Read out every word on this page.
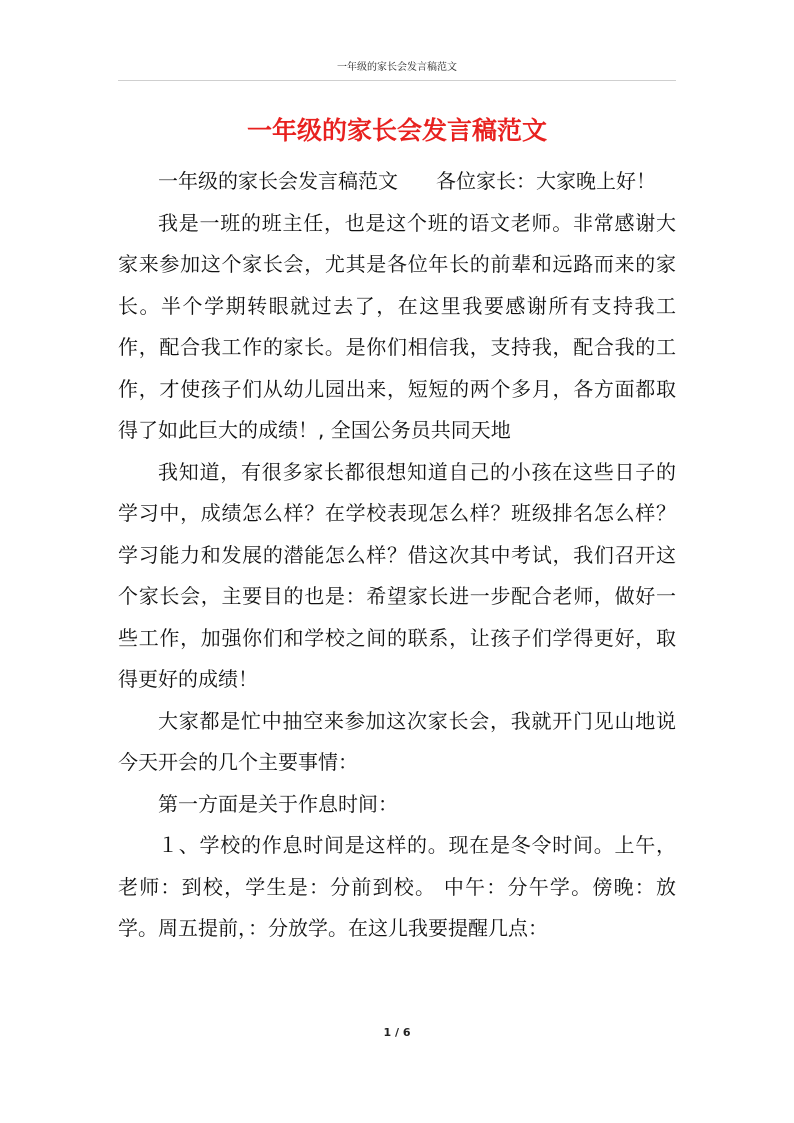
一年级的家长会发言稿范文
一年级的家长会发言稿范文

一年级的家长会发言稿范文 各位家长：大家晚上好！

我是一班的班主任，也是这个班的语文老师。非常感谢大家来参加这个家长会，尤其是各位年长的前辈和远路而来的家长。半个学期转眼就过去了，在这里我要感谢所有支持我工作，配合我工作的家长。是你们相信我，支持我，配合我的工作，才使孩子们从幼儿园出来，短短的两个多月，各方面都取得了如此巨大的成绩！, 全国公务员共同天地

我知道，有很多家长都很想知道自己的小孩在这些日子的学习中，成绩怎么样？在学校表现怎么样？班级排名怎么样？学习能力和发展的潜能怎么样？借这次其中考试，我们召开这个家长会，主要目的也是：希望家长进一步配合老师，做好一些工作，加强你们和学校之间的联系，让孩子们学得更好，取得更好的成绩！

大家都是忙中抽空来参加这次家长会，我就开门见山地说今天开会的几个主要事情：

第一方面是关于作息时间：

１、学校的作息时间是这样的。现在是冬令时间。上午，老师：到校，学生是：分前到校。 中午：分午学。傍晚：放学。周五提前，：分放学。在这儿我要提醒几点：

1 / 6
